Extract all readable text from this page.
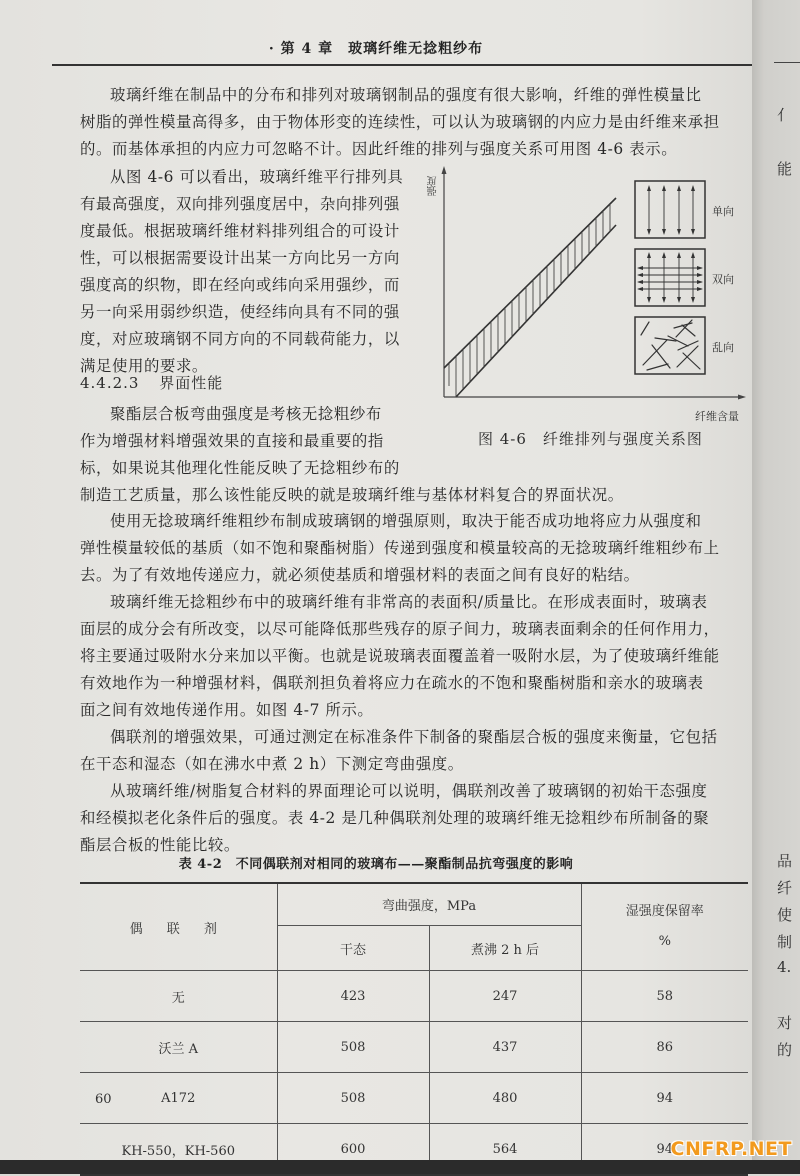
· 第 4 章　玻璃纤维无捻粗纱布
玻璃纤维在制品中的分布和排列对玻璃钢制品的强度有很大影响，纤维的弹性模量比
树脂的弹性模量高得多，由于物体形变的连续性，可以认为玻璃钢的内应力是由纤维来承担
的。而基体承担的内应力可忽略不计。因此纤维的排列与强度关系可用图 4-6 表示。
从图 4-6 可以看出，玻璃纤维平行排列具
有最高强度，双向排列强度居中，杂向排列强
度最低。根据玻璃纤维材料排列组合的可设计
性，可以根据需要设计出某一方向比另一方向
强度高的织物，即在经向或纬向采用强纱，而
另一向采用弱纱织造，使经纬向具有不同的强
度，对应玻璃钢不同方向的不同载荷能力，以
满足使用的要求。
4.4.2.3 界面性能
聚酯层合板弯曲强度是考核无捻粗纱布
作为增强材料增强效果的直接和最重要的指
标，如果说其他理化性能反映了无捻粗纱布的
制造工艺质量，那么该性能反映的就是玻璃纤维与基体材料复合的界面状况。
强度
纤维含量
单向
双向
乱向
图 4-6　纤维排列与强度关系图
使用无捻玻璃纤维粗纱布制成玻璃钢的增强原则，取决于能否成功地将应力从强度和
弹性模量较低的基质（如不饱和聚酯树脂）传递到强度和模量较高的无捻玻璃纤维粗纱布上
去。为了有效地传递应力，就必须使基质和增强材料的表面之间有良好的粘结。
玻璃纤维无捻粗纱布中的玻璃纤维有非常高的表面积/质量比。在形成表面时，玻璃表
面层的成分会有所改变，以尽可能降低那些残存的原子间力，玻璃表面剩余的任何作用力，
将主要通过吸附水分来加以平衡。也就是说玻璃表面覆盖着一吸附水层，为了使玻璃纤维能
有效地作为一种增强材料，偶联剂担负着将应力在疏水的不饱和聚酯树脂和亲水的玻璃表
面之间有效地传递作用。如图 4-7 所示。
偶联剂的增强效果，可通过测定在标准条件下制备的聚酯层合板的强度来衡量，它包括
在干态和湿态（如在沸水中煮 2 h）下测定弯曲强度。
从玻璃纤维/树脂复合材料的界面理论可以说明，偶联剂改善了玻璃钢的初始干态强度
和经模拟老化条件后的强度。表 4-2 是几种偶联剂处理的玻璃纤维无捻粗纱布所制备的聚
酯层合板的性能比较。
表 4-2　不同偶联剂对相同的玻璃布——聚酯制品抗弯强度的影响
偶 联 剂	弯曲强度，MPa		湿强度保留率
%
	干态	煮沸 2 h 后	
无	423	247	58
沃兰 A	508	437	86
A172	508	480	94
KH-550，KH-560	600	564	94
60
亻
能
品
纤
使
制
4.
对
的
CNFRP.NET
